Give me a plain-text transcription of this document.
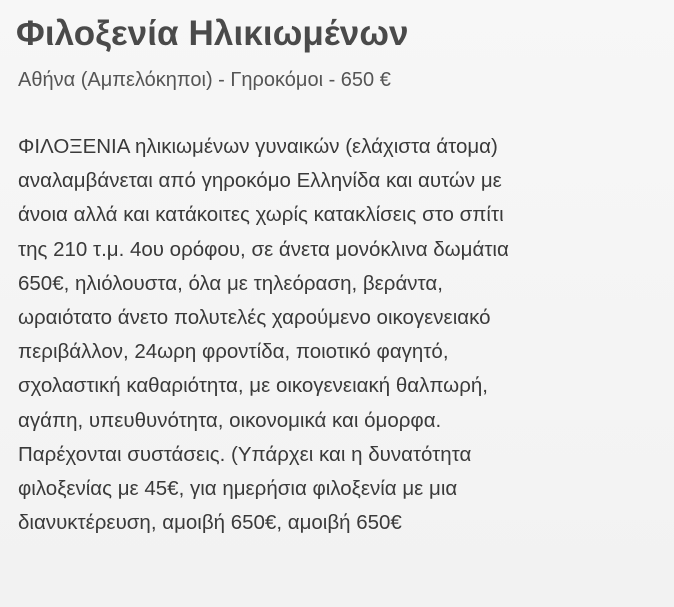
Φιλοξενία Ηλικιωμένων
Αθήνα (Αμπελόκηποι) - Γηροκόμοι - 650 €
ΦΙΛΟΞΕΝΙΑ ηλικιωμένων γυναικών (ελάχιστα άτομα)
αναλαμβάνεται από γηροκόμο Ελληνίδα και αυτών με
άνοια αλλά και κατάκοιτες χωρίς κατακλίσεις στο σπίτι
της 210 τ.μ. 4ου ορόφου, σε άνετα μονόκλινα δωμάτια
650€, ηλιόλουστα, όλα με τηλεόραση, βεράντα,
ωραιότατο άνετο πολυτελές χαρούμενο οικογενειακό
περιβάλλον, 24ωρη φροντίδα, ποιοτικό φαγητό,
σχολαστική καθαριότητα, με οικογενειακή θαλπωρή,
αγάπη, υπευθυνότητα, οικονομικά και όμορφα.
Παρέχονται συστάσεις. (Υπάρχει και η δυνατότητα
φιλοξενίας με 45€, για ημερήσια φιλοξενία με μια
διανυκτέρευση, αμοιβή 650€, αμοιβή 650€
